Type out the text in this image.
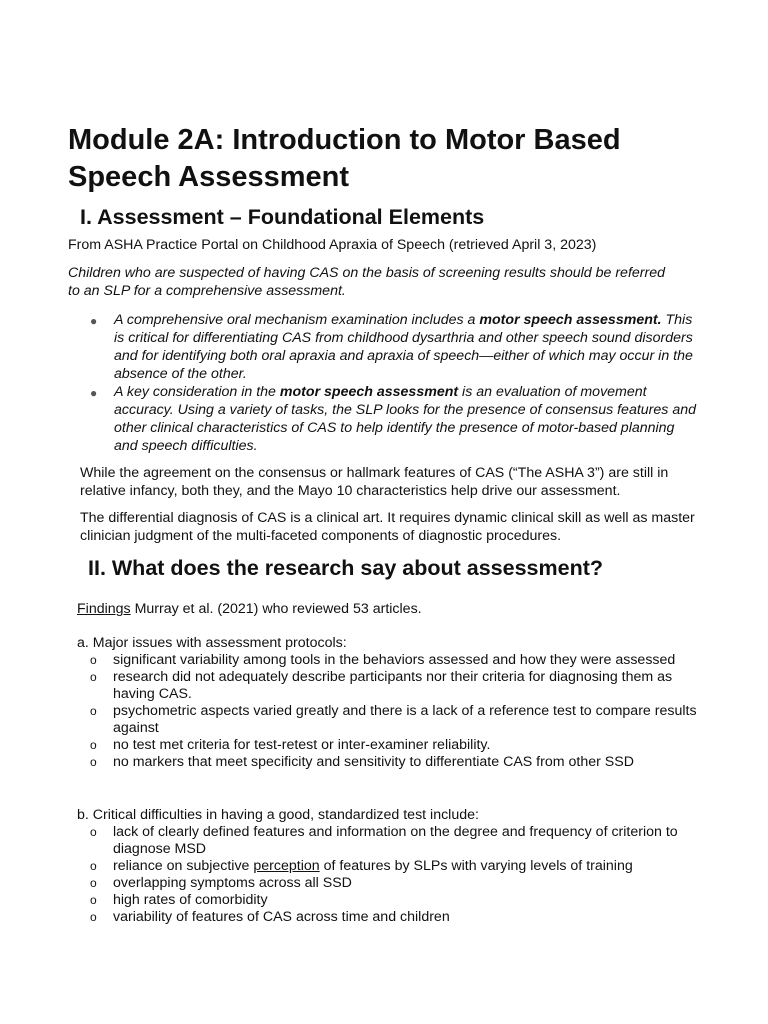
Module 2A: Introduction to Motor Based Speech Assessment
I. Assessment – Foundational Elements

From ASHA Practice Portal on Childhood Apraxia of Speech (retrieved April 3, 2023)

Children who are suspected of having CAS on the basis of screening results should be referred to an SLP for a comprehensive assessment.

● A comprehensive oral mechanism examination includes a motor speech assessment. This is critical for differentiating CAS from childhood dysarthria and other speech sound disorders and for identifying both oral apraxia and apraxia of speech—either of which may occur in the absence of the other.
● A key consideration in the motor speech assessment is an evaluation of movement accuracy. Using a variety of tasks, the SLP looks for the presence of consensus features and other clinical characteristics of CAS to help identify the presence of motor-based planning and speech difficulties.

While the agreement on the consensus or hallmark features of CAS (“The ASHA 3”) are still in relative infancy, both they, and the Mayo 10 characteristics help drive our assessment.

The differential diagnosis of CAS is a clinical art. It requires dynamic clinical skill as well as master clinician judgment of the multi-faceted components of diagnostic procedures.

II. What does the research say about assessment?

Findings Murray et al. (2021) who reviewed 53 articles.

a. Major issues with assessment protocols:

o significant variability among tools in the behaviors assessed and how they were assessed
o research did not adequately describe participants nor their criteria for diagnosing them as having CAS.
o psychometric aspects varied greatly and there is a lack of a reference test to compare results against
o no test met criteria for test-retest or inter-examiner reliability.
o no markers that meet specificity and sensitivity to differentiate CAS from other SSD

b. Critical difficulties in having a good, standardized test include:

o lack of clearly defined features and information on the degree and frequency of criterion to diagnose MSD
o reliance on subjective perception of features by SLPs with varying levels of training
o overlapping symptoms across all SSD
o high rates of comorbidity
o variability of features of CAS across time and children
